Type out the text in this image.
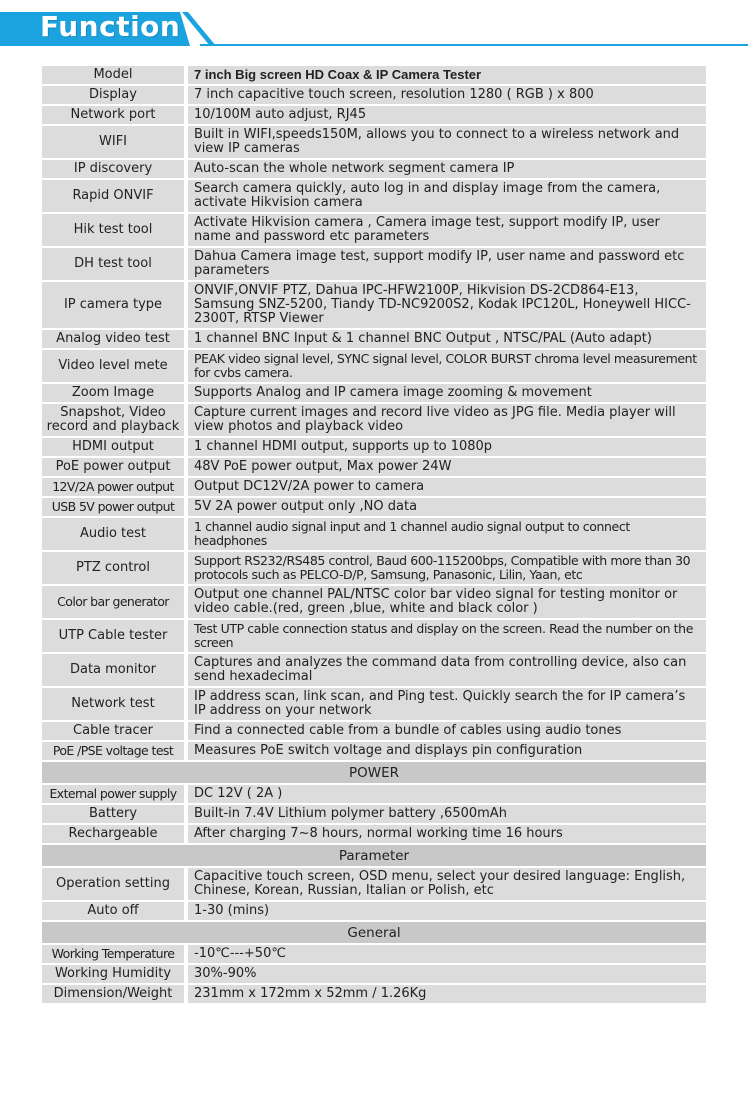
Function
Model	7 inch Big screen HD Coax & IP Camera Tester
Display	7 inch capacitive touch screen, resolution 1280 ( RGB ) x 800
Network port	10/100M auto adjust, RJ45
WIFI	Built in WIFI,speeds150M, allows you to connect to a wireless network and view IP cameras
IP discovery	Auto-scan the whole network segment camera IP
Rapid ONVIF	Search camera quickly, auto log in and display image from the camera, activate Hikvision camera
Hik test tool	Activate Hikvision camera , Camera image test, support modify IP, user name and password etc parameters
DH test tool	Dahua Camera image test, support modify IP, user name and password etc parameters
IP camera type	ONVIF,ONVIF PTZ, Dahua IPC-HFW2100P, Hikvision DS-2CD864-E13, Samsung SNZ-5200, Tiandy TD-NC9200S2, Kodak IPC120L, Honeywell HICC-2300T, RTSP Viewer
Analog video test	1 channel BNC Input & 1 channel BNC Output , NTSC/PAL (Auto adapt)
Video level mete	PEAK video signal level, SYNC signal level, COLOR BURST chroma level measurement for cvbs camera.
Zoom Image	Supports Analog and IP camera image zooming & movement
Snapshot, Video record and playback	Capture current images and record live video as JPG file. Media player will view photos and playback video
HDMI output	1 channel HDMI output, supports up to 1080p
PoE power output	48V PoE power output, Max power 24W
12V/2A power output	Output DC12V/2A power to camera
USB 5V power output	5V 2A power output only ,NO data
Audio test	1 channel audio signal input and 1 channel audio signal output to connect headphones
PTZ control	Support RS232/RS485 control, Baud 600-115200bps, Compatible with more than 30 protocols such as PELCO-D/P, Samsung, Panasonic, Lilin, Yaan, etc
Color bar generator	Output one channel PAL/NTSC color bar video signal for testing monitor or video cable.(red, green ,blue, white and black color )
UTP Cable tester	Test UTP cable connection status and display on the screen. Read the number on the screen
Data monitor	Captures and analyzes the command data from controlling device, also can send hexadecimal
Network test	IP address scan, link scan, and Ping test. Quickly search the for IP camera’s IP address on your network
Cable tracer	Find a connected cable from a bundle of cables using audio tones
PoE /PSE voltage test	Measures PoE switch voltage and displays pin configuration
POWER	
External power supply	DC 12V ( 2A )
Battery	Built-in 7.4V Lithium polymer battery ,6500mAh
Rechargeable	After charging 7~8 hours, normal working time 16 hours
Parameter	
Operation setting	Capacitive touch screen, OSD menu, select your desired language: English, Chinese, Korean, Russian, Italian or Polish, etc
Auto off	1-30 (mins)
General	
Working Temperature	-10℃---+50℃
Working Humidity	30%-90%
Dimension/Weight	231mm x 172mm x 52mm / 1.26Kg
